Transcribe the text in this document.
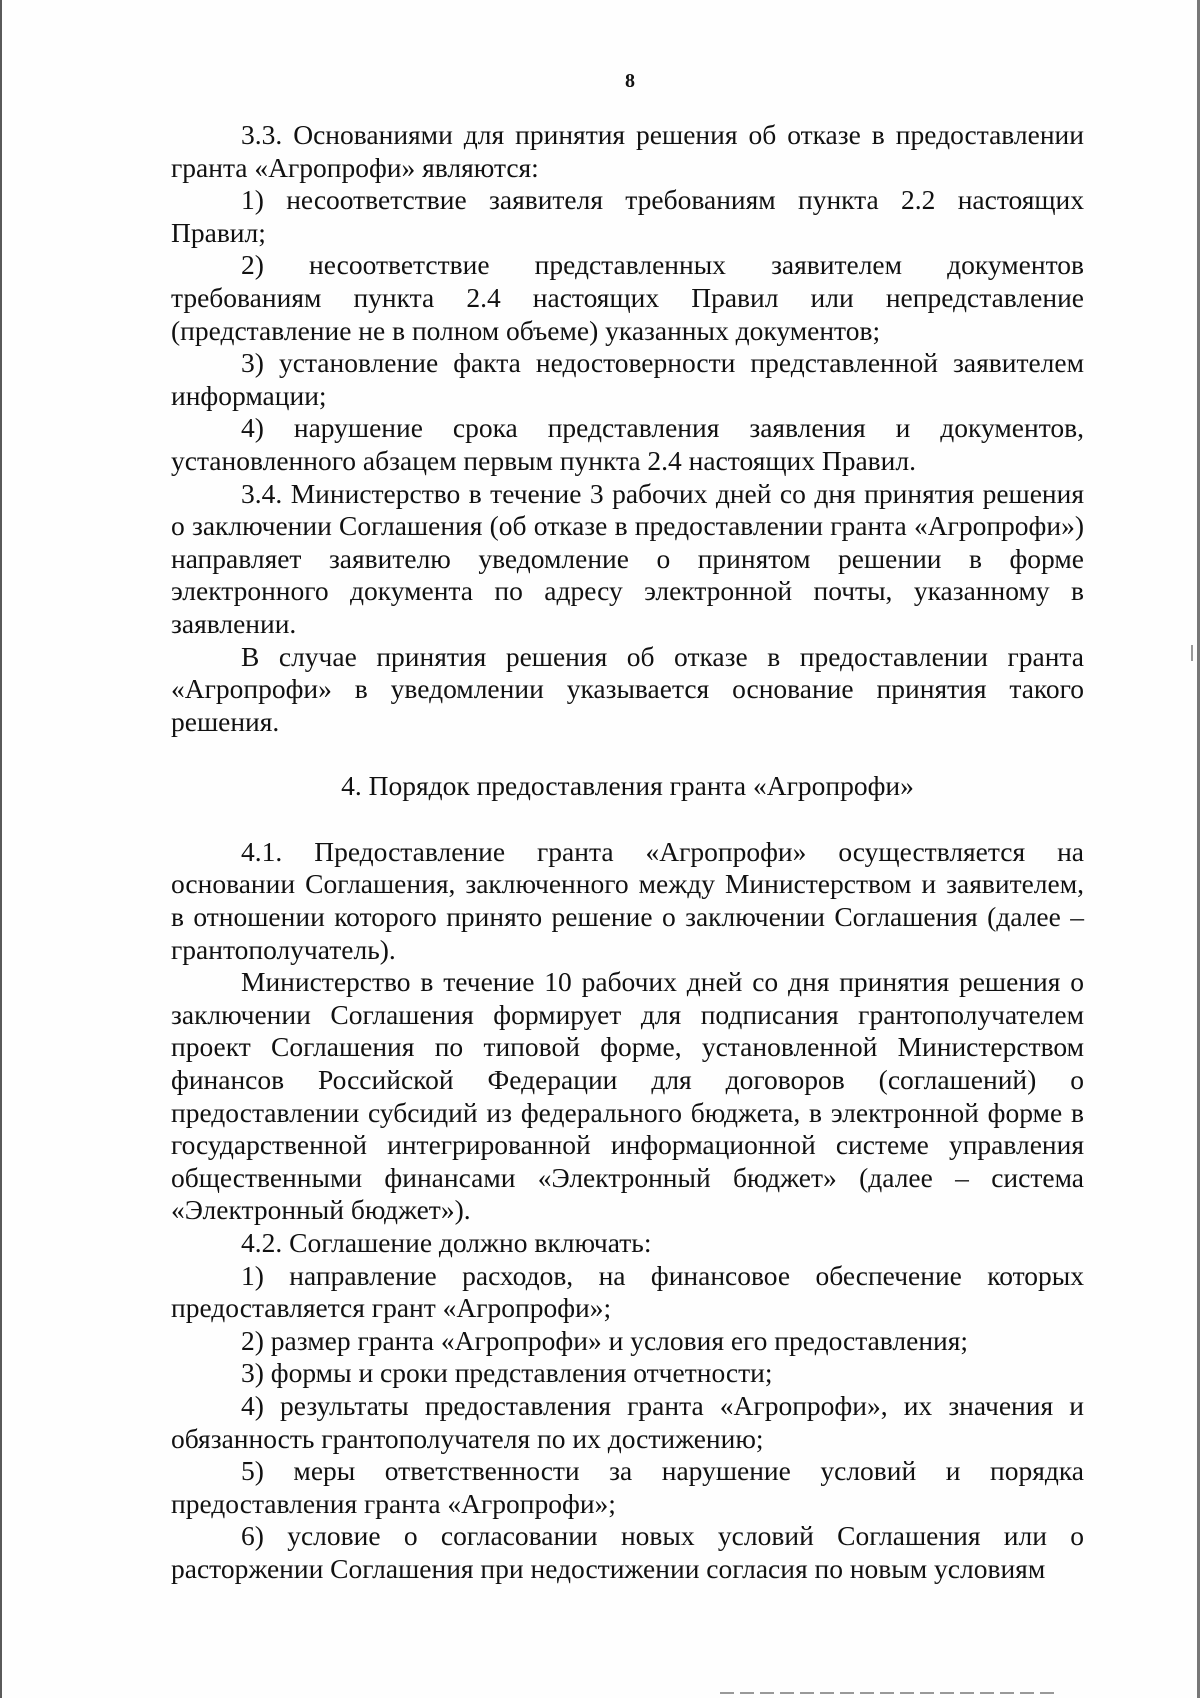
8

3.3. Основаниями для принятия решения об отказе в предоставлении гранта «Агропрофи» являются:

1) несоответствие заявителя требованиям пункта 2.2 настоящих Правил;

2) несоответствие представленных заявителем документов требованиям пункта 2.4 настоящих Правил или непредставление (представление не в полном объеме) указанных документов;

3) установление факта недостоверности представленной заявителем информации;

4) нарушение срока представления заявления и документов, установленного абзацем первым пункта 2.4 настоящих Правил.

3.4. Министерство в течение 3 рабочих дней со дня принятия решения о заключении Соглашения (об отказе в предоставлении гранта «Агропрофи») направляет заявителю уведомление о принятом решении в форме электронного документа по адресу электронной почты, указанному в заявлении.

В случае принятия решения об отказе в предоставлении гранта «Агропрофи» в уведомлении указывается основание принятия такого решения.

4. Порядок предоставления гранта «Агропрофи»

4.1. Предоставление гранта «Агропрофи» осуществляется на основании Соглашения, заключенного между Министерством и заявителем, в отношении которого принято решение о заключении Соглашения (далее – грантополучатель).

Министерство в течение 10 рабочих дней со дня принятия решения о заключении Соглашения формирует для подписания грантополучателем проект Соглашения по типовой форме, установленной Министерством финансов Российской Федерации для договоров (соглашений) о предоставлении субсидий из федерального бюджета, в электронной форме в государственной интегрированной информационной системе управления общественными финансами «Электронный бюджет» (далее – система «Электронный бюджет»).

4.2. Соглашение должно включать:

1) направление расходов, на финансовое обеспечение которых предоставляется грант «Агропрофи»;

2) размер гранта «Агропрофи» и условия его предоставления;

3) формы и сроки представления отчетности;

4) результаты предоставления гранта «Агропрофи», их значения и обязанность грантополучателя по их достижению;

5) меры ответственности за нарушение условий и порядка предоставления гранта «Агропрофи»;

6) условие о согласовании новых условий Соглашения или о расторжении Соглашения при недостижении согласия по новым условиям
